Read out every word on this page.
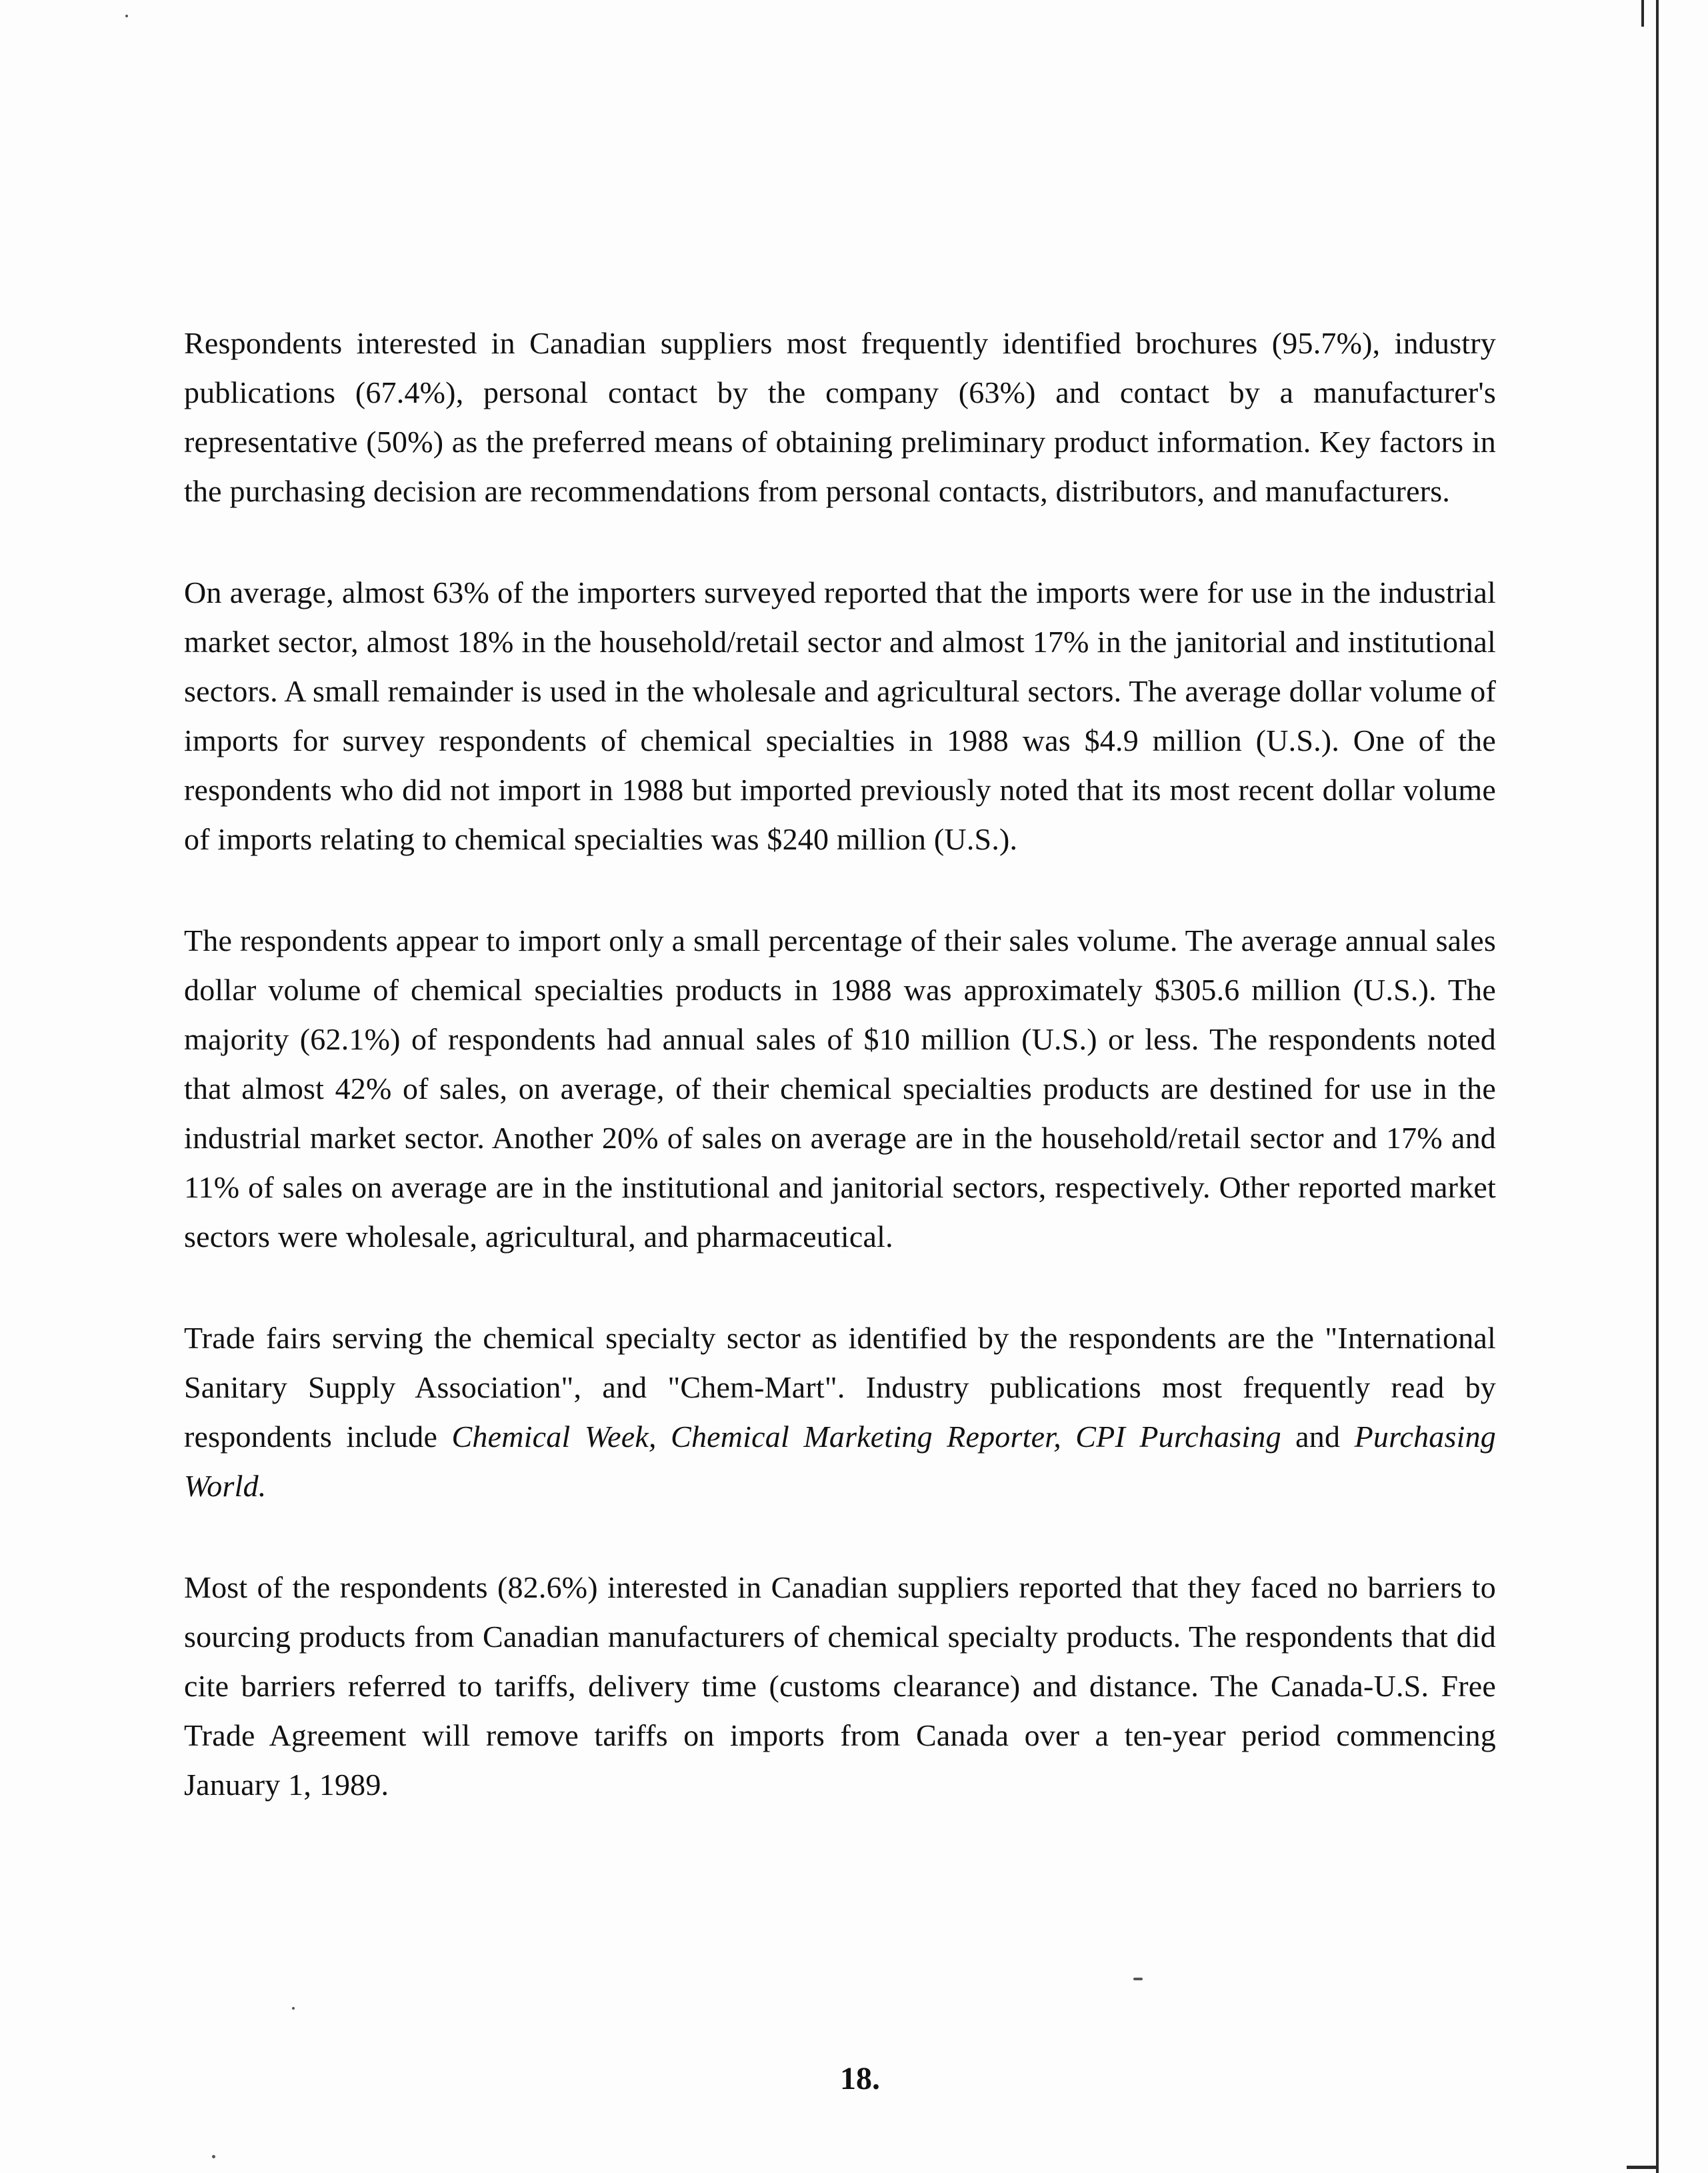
Respondents interested in Canadian suppliers most frequently identified brochures (95.7%), industry publications (67.4%), personal contact by the company (63%) and contact by a manufacturer's representative (50%) as the preferred means of obtaining preliminary product information. Key factors in the purchasing decision are recommendations from personal contacts, distributors, and manufacturers.

On average, almost 63% of the importers surveyed reported that the imports were for use in the industrial market sector, almost 18% in the household/retail sector and almost 17% in the janitorial and institutional sectors. A small remainder is used in the wholesale and agricultural sectors. The average dollar volume of imports for survey respondents of chemical specialties in 1988 was $4.9 million (U.S.). One of the respondents who did not import in 1988 but imported previously noted that its most recent dollar volume of imports relating to chemical specialties was $240 million (U.S.).

The respondents appear to import only a small percentage of their sales volume. The average annual sales dollar volume of chemical specialties products in 1988 was approximately $305.6 million (U.S.). The majority (62.1%) of respondents had annual sales of $10 million (U.S.) or less. The respondents noted that almost 42% of sales, on average, of their chemical specialties products are destined for use in the industrial market sector. Another 20% of sales on average are in the household/retail sector and 17% and 11% of sales on average are in the institutional and janitorial sectors, respectively. Other reported market sectors were wholesale, agricultural, and pharmaceutical.

Trade fairs serving the chemical specialty sector as identified by the respondents are the "International Sanitary Supply Association", and "Chem-Mart". Industry publications most frequently read by respondents include Chemical Week, Chemical Marketing Reporter, CPI Purchasing and Purchasing World.

Most of the respondents (82.6%) interested in Canadian suppliers reported that they faced no barriers to sourcing products from Canadian manufacturers of chemical specialty products. The respondents that did cite barriers referred to tariffs, delivery time (customs clearance) and distance. The Canada-U.S. Free Trade Agreement will remove tariffs on imports from Canada over a ten-year period commencing January 1, 1989.

18.
